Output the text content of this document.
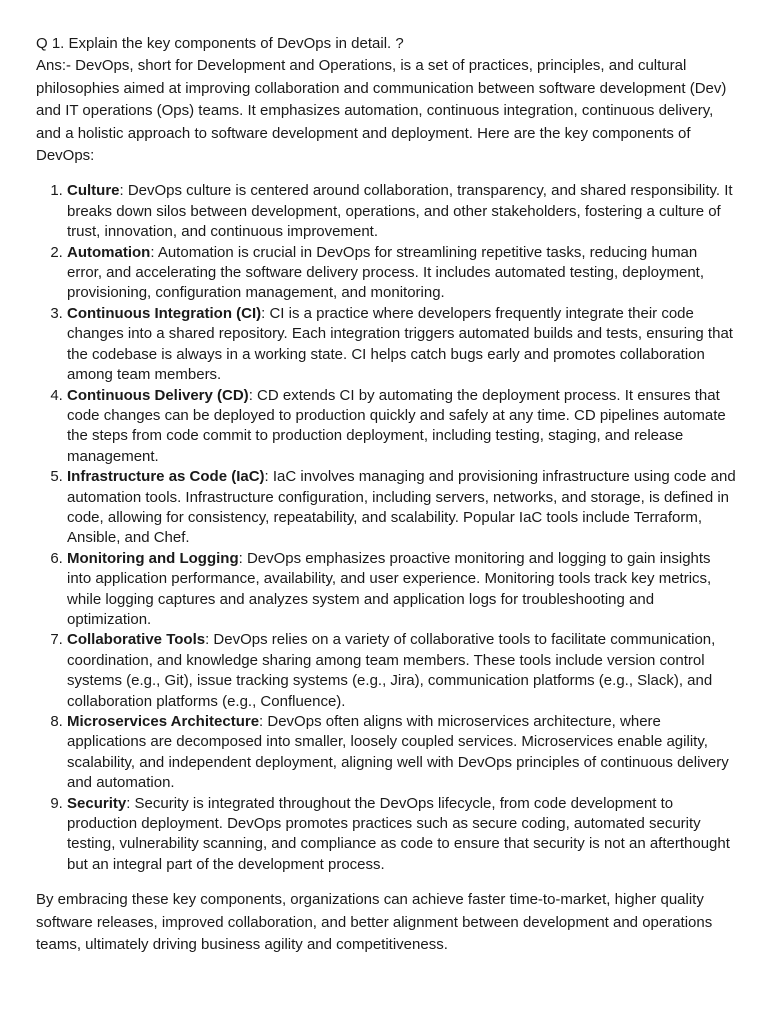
Q 1. Explain the key components of DevOps in detail. ?

Ans:- DevOps, short for Development and Operations, is a set of practices, principles, and cultural philosophies aimed at improving collaboration and communication between software development (Dev) and IT operations (Ops) teams. It emphasizes automation, continuous integration, continuous delivery, and a holistic approach to software development and deployment. Here are the key components of DevOps:

1. Culture: DevOps culture is centered around collaboration, transparency, and shared responsibility. It breaks down silos between development, operations, and other stakeholders, fostering a culture of trust, innovation, and continuous improvement.
2. Automation: Automation is crucial in DevOps for streamlining repetitive tasks, reducing human error, and accelerating the software delivery process. It includes automated testing, deployment, provisioning, configuration management, and monitoring.
3. Continuous Integration (CI): CI is a practice where developers frequently integrate their code changes into a shared repository. Each integration triggers automated builds and tests, ensuring that the codebase is always in a working state. CI helps catch bugs early and promotes collaboration among team members.
4. Continuous Delivery (CD): CD extends CI by automating the deployment process. It ensures that code changes can be deployed to production quickly and safely at any time. CD pipelines automate the steps from code commit to production deployment, including testing, staging, and release management.
5. Infrastructure as Code (IaC): IaC involves managing and provisioning infrastructure using code and automation tools. Infrastructure configuration, including servers, networks, and storage, is defined in code, allowing for consistency, repeatability, and scalability. Popular IaC tools include Terraform, Ansible, and Chef.
6. Monitoring and Logging: DevOps emphasizes proactive monitoring and logging to gain insights into application performance, availability, and user experience. Monitoring tools track key metrics, while logging captures and analyzes system and application logs for troubleshooting and optimization.
7. Collaborative Tools: DevOps relies on a variety of collaborative tools to facilitate communication, coordination, and knowledge sharing among team members. These tools include version control systems (e.g., Git), issue tracking systems (e.g., Jira), communication platforms (e.g., Slack), and collaboration platforms (e.g., Confluence).
8. Microservices Architecture: DevOps often aligns with microservices architecture, where applications are decomposed into smaller, loosely coupled services. Microservices enable agility, scalability, and independent deployment, aligning well with DevOps principles of continuous delivery and automation.
9. Security: Security is integrated throughout the DevOps lifecycle, from code development to production deployment. DevOps promotes practices such as secure coding, automated security testing, vulnerability scanning, and compliance as code to ensure that security is not an afterthought but an integral part of the development process.

By embracing these key components, organizations can achieve faster time-to-market, higher quality software releases, improved collaboration, and better alignment between development and operations teams, ultimately driving business agility and competitiveness.
